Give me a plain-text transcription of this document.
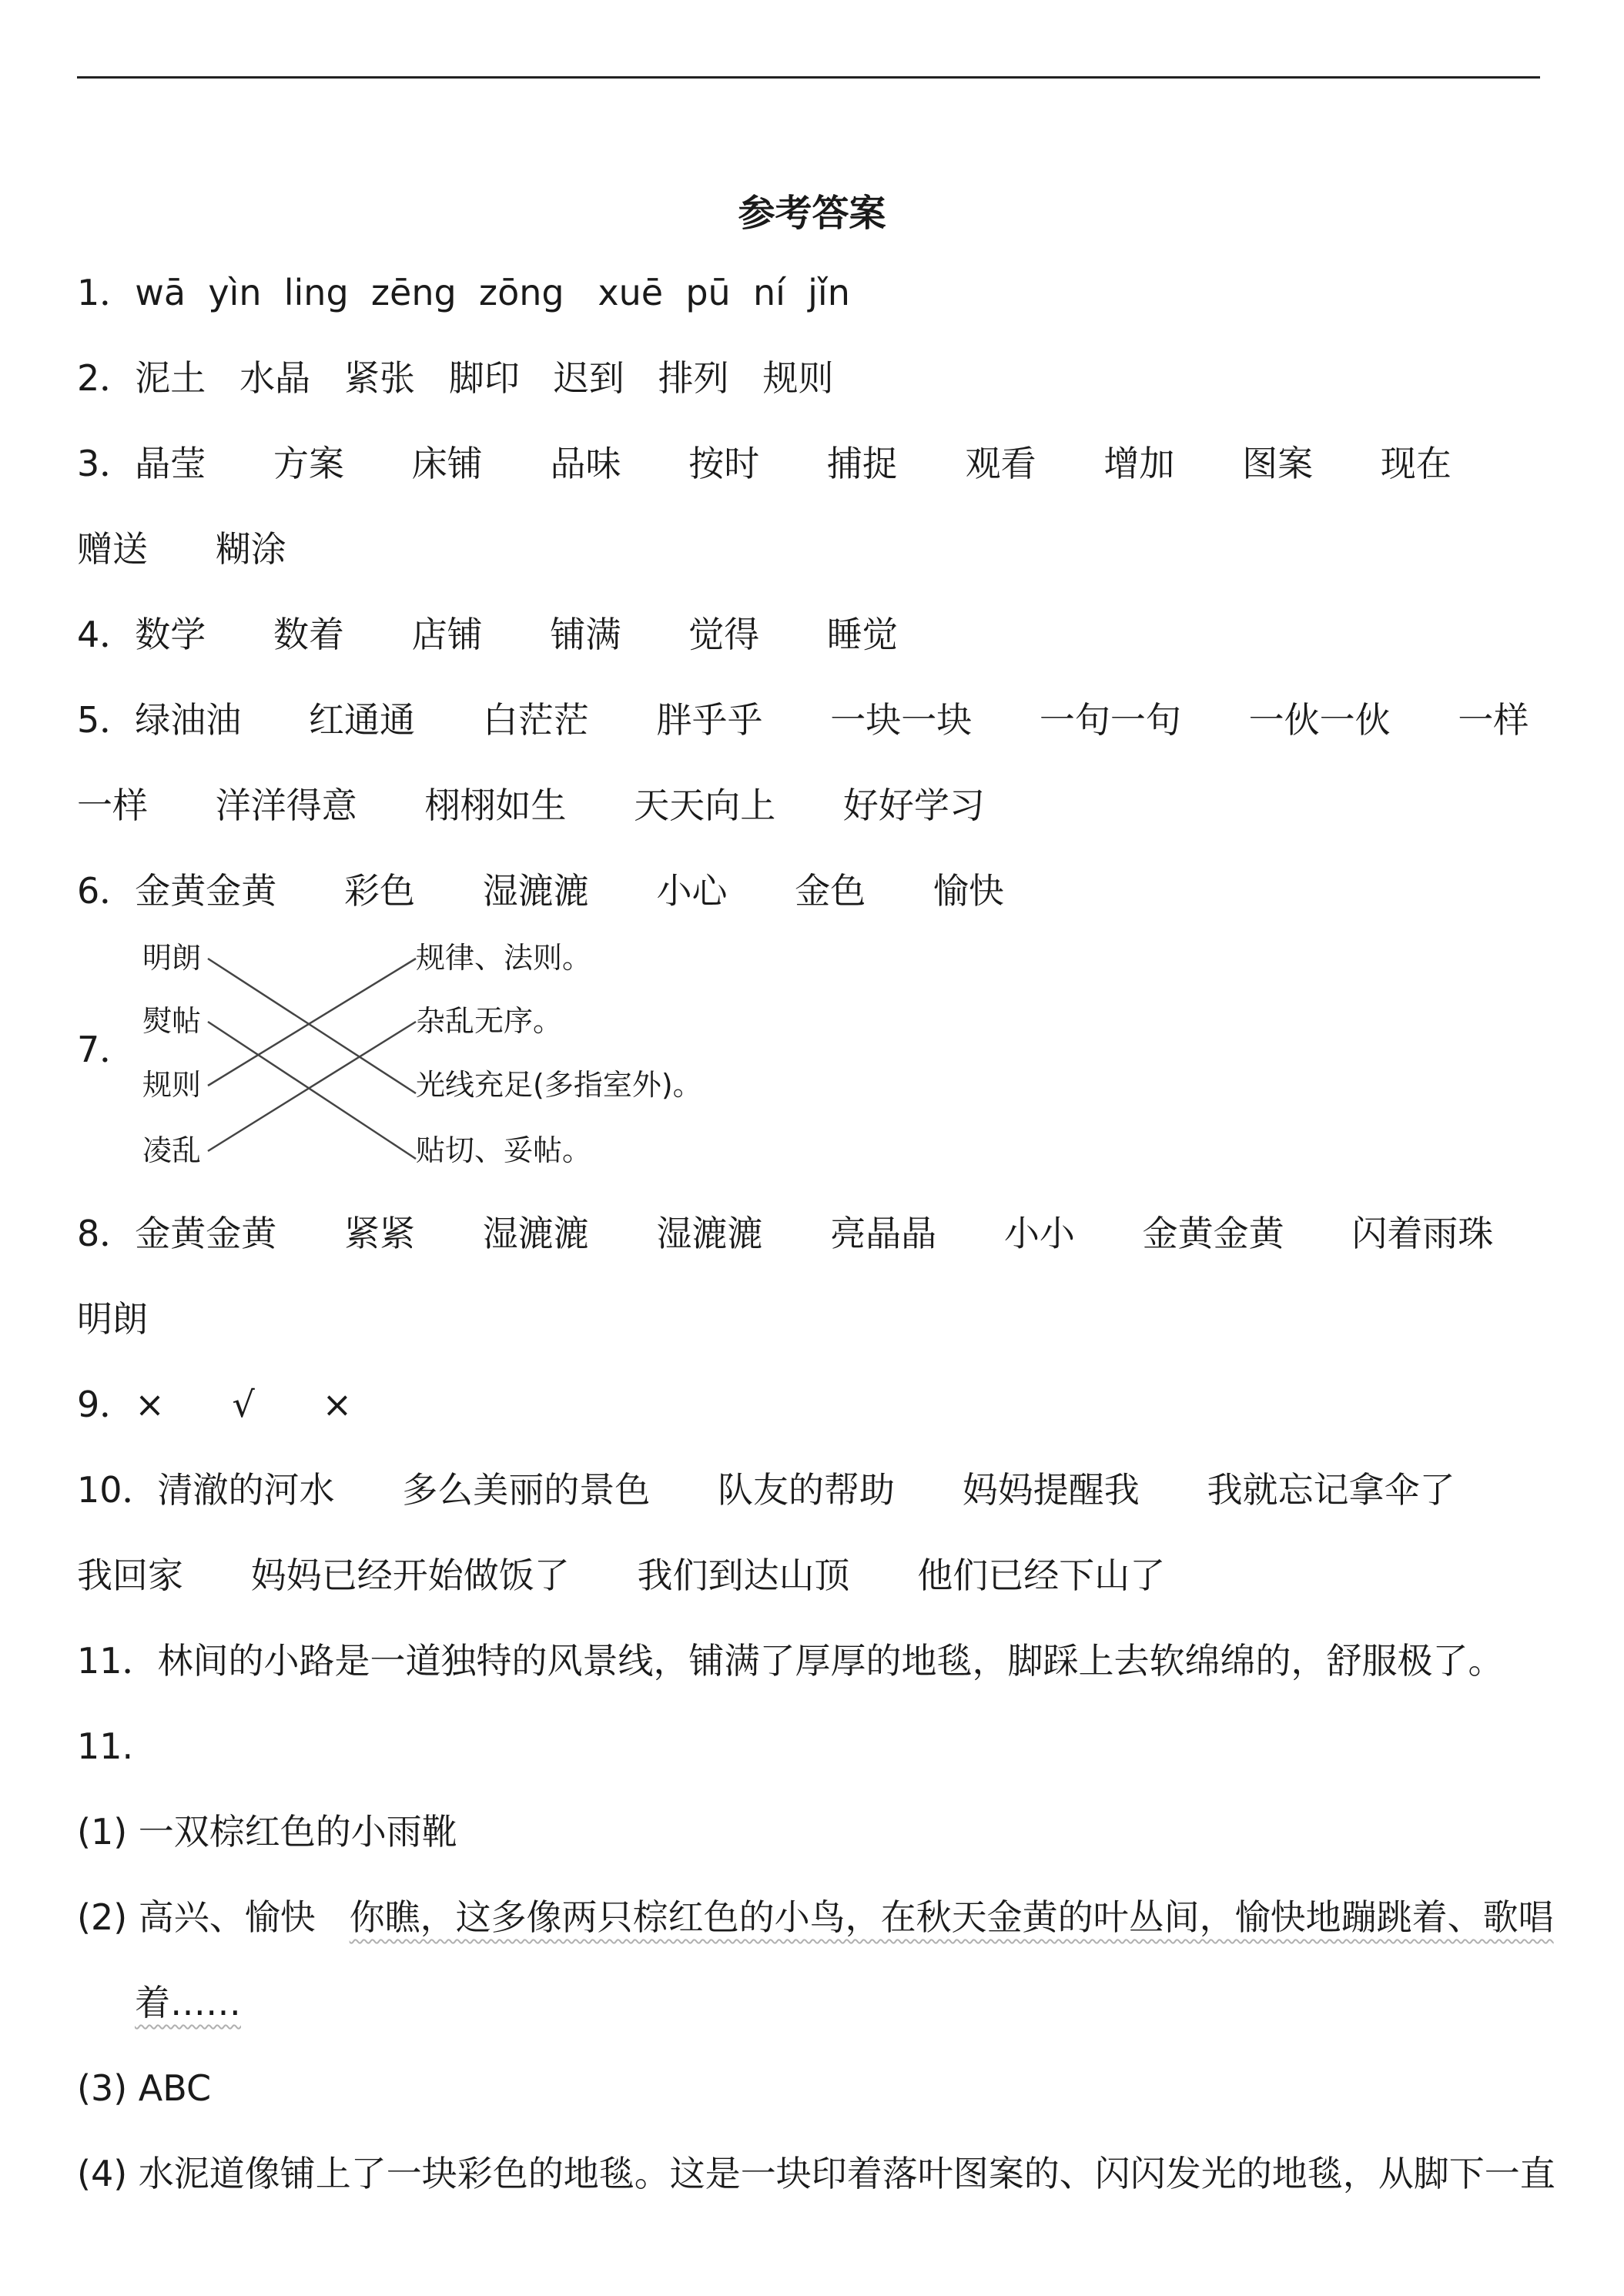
参考答案
1．wā  yìn  ling  zēng  zōng   xuē  pū  ní  jǐn
2．泥土   水晶   紧张   脚印   迟到   排列   规则
3．晶莹      方案      床铺      品味      按时      捕捉      观看      增加      图案      现在
赠送      糊涂
4．数学      数着      店铺      铺满      觉得      睡觉
5．绿油油      红通通      白茫茫      胖乎乎      一块一块      一句一句      一伙一伙      一样
一样      洋洋得意      栩栩如生      天天向上      好好学习
6．金黄金黄      彩色      湿漉漉      小心      金色      愉快
7．
明朗
熨帖
规则
凌乱
规律、法则。
杂乱无序。
光线充足(多指室外)。
贴切、妥帖。
8．金黄金黄      紧紧      湿漉漉      湿漉漉      亮晶晶      小小      金黄金黄      闪着雨珠
明朗
9．×      √      ×
10．清澈的河水      多么美丽的景色      队友的帮助      妈妈提醒我      我就忘记拿伞了
我回家      妈妈已经开始做饭了      我们到达山顶      他们已经下山了
11．林间的小路是一道独特的风景线，铺满了厚厚的地毯，脚踩上去软绵绵的，舒服极了。
11.
(1) 一双棕红色的小雨靴
(2) 高兴、愉快   你瞧，这多像两只棕红色的小鸟，在秋天金黄的叶丛间，愉快地蹦跳着、歌唱
着……
(3) ABC
(4) 水泥道像铺上了一块彩色的地毯。这是一块印着落叶图案的、闪闪发光的地毯，从脚下一直
